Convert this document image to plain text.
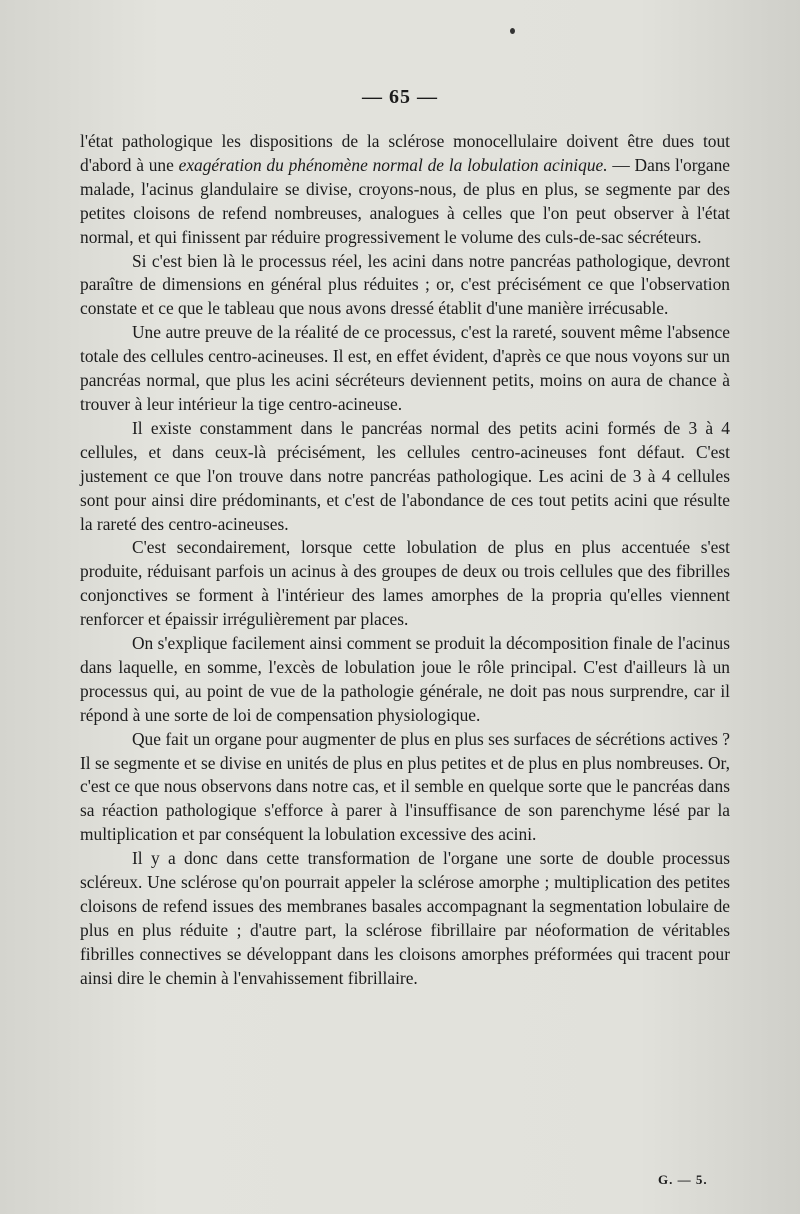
— 65 —

l'état pathologique les dispositions de la sclérose monocellulaire doivent être dues tout d'abord à une exagération du phénomène normal de la lobulation acinique. — Dans l'organe malade, l'acinus glandulaire se divise, croyons-nous, de plus en plus, se segmente par des petites cloisons de refend nombreuses, analogues à celles que l'on peut observer à l'état normal, et qui finissent par réduire progressivement le volume des culs-de-sac sécréteurs.

Si c'est bien là le processus réel, les acini dans notre pancréas pathologique, devront paraître de dimensions en général plus réduites ; or, c'est précisément ce que l'observation constate et ce que le tableau que nous avons dressé établit d'une manière irrécusable.

Une autre preuve de la réalité de ce processus, c'est la rareté, souvent même l'absence totale des cellules centro-acineuses. Il est, en effet évident, d'après ce que nous voyons sur un pancréas normal, que plus les acini sécréteurs deviennent petits, moins on aura de chance à trouver à leur intérieur la tige centro-acineuse.

Il existe constamment dans le pancréas normal des petits acini formés de 3 à 4 cellules, et dans ceux-là précisément, les cellules centro-acineuses font défaut. C'est justement ce que l'on trouve dans notre pancréas pathologique. Les acini de 3 à 4 cellules sont pour ainsi dire prédominants, et c'est de l'abondance de ces tout petits acini que résulte la rareté des centro-acineuses.

C'est secondairement, lorsque cette lobulation de plus en plus accentuée s'est produite, réduisant parfois un acinus à des groupes de deux ou trois cellules que des fibrilles conjonctives se forment à l'intérieur des lames amorphes de la propria qu'elles viennent renforcer et épaissir irrégulièrement par places.

On s'explique facilement ainsi comment se produit la décomposition finale de l'acinus dans laquelle, en somme, l'excès de lobulation joue le rôle principal. C'est d'ailleurs là un processus qui, au point de vue de la pathologie générale, ne doit pas nous surprendre, car il répond à une sorte de loi de compensation physiologique.

Que fait un organe pour augmenter de plus en plus ses surfaces de sécrétions actives ? Il se segmente et se divise en unités de plus en plus petites et de plus en plus nombreuses. Or, c'est ce que nous observons dans notre cas, et il semble en quelque sorte que le pancréas dans sa réaction pathologique s'efforce à parer à l'insuffisance de son parenchyme lésé par la multiplication et par conséquent la lobulation excessive des acini.

Il y a donc dans cette transformation de l'organe une sorte de double processus scléreux. Une sclérose qu'on pourrait appeler la sclérose amorphe ; multiplication des petites cloisons de refend issues des membranes basales accompagnant la segmentation lobulaire de plus en plus réduite ; d'autre part, la sclérose fibrillaire par néoformation de véritables fibrilles connectives se développant dans les cloisons amorphes préformées qui tracent pour ainsi dire le chemin à l'envahissement fibrillaire.

G. — 5.
